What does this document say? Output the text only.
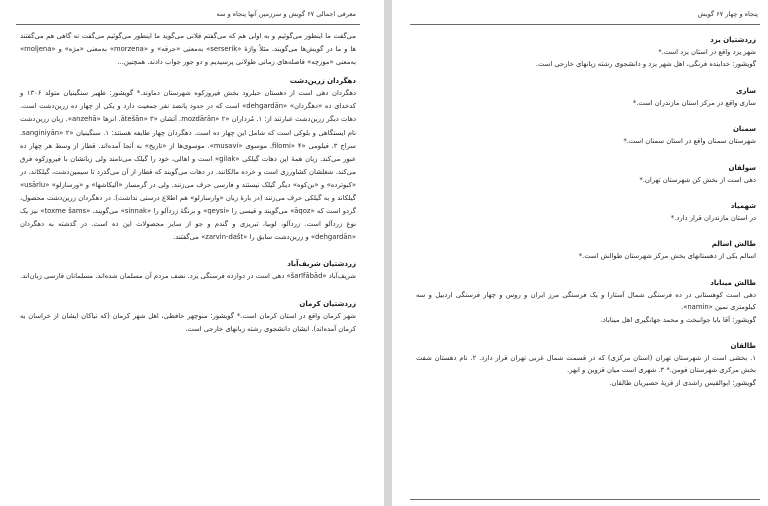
معرفی اجمالی ۶۷ گویش و سرزمین آنها پنجاه و سه

می‌گفت ما اینطور می‌گوئیم و به اولی هم که می‌گفتم فلانی می‌گوید ما اینطور می‌گوئیم می‌گفت نه گاهی هم می‌گفتند ها و ما در گویش‌ها می‌گویند. مثلاً واژهٔ «serserik» به‌معنی «جرقه» و «morzena» به‌معنی «مژه» و «moljena» به‌معنی «مورچه» فاصله‌های زمانی طولانی پرسیدیم و دو جور جواب دادند. همچنین...

دهگردان زرین‌دشت

دهگردان دهی است از دهستان حبلرود بخش فیروزکوه شهرستان دماوند.* گویشور: ظهیر سنگینیان متولد ۱۳۰۶ و کدخدای ده «دهگردان» «dehgardān» است که در حدود پانصد نفر جمعیت دارد و یکی از چهار ده زرین‌دشت است. دهات دیگر زرین‌دشت عبارتند از: ۱. مُزداران «mozdārān» ۲. آتشان «ātešān» ۳. انزها «anzehā». زبان زرین‌دشت نام ایستگاهی و بلوکی است که شامل این چهار ده است. دهگردان چهار طایفه هستند: ۱. سنگینیان «sanginiyān» ۲. سراج ۳. فیلومی «filomi» ۴. موسوی «musavi». موسوی‌ها از «تاریخ» به آنجا آمده‌اند. قطار از وسط هر چهار ده عبور می‌کند. زبان همهٔ این دهات گیلکی «gilak» است و اهالی، خود را گیلک می‌نامند ولی زبانشان با فیروزکوه فرق می‌کند. شغلشان کشاورزی است و خرده مالکانند. در دهات می‌گویند که قطار از آن می‌گذرد تا سیمین‌دشت، گیلکاند. در «کبوترده» و «بن‌کوه» دیگر گیلک نیستند و فارسی حرف می‌زنند. ولی در گرمسار «آلیکاشها» و «ورسارلو» «usārlu» گیلکاند و به گیلکی حرف می‌زنند (در بارهٔ زبان «وارسارلو» هم اطلاع درستی نداشت). در دهگردان زرین‌دشت محصول، گردو است که «āqoz» می‌گویند و قیسی را «qeysi» و برنگهٔ زردآلو را «sinnak» می‌گویند، «toxme šams» نیز یک نوع زردآلو است. زردآلو، لوبیا، تبریزی و گندم و جو از سایر محصولات این ده است. در گذشته به دهگردان «dehgardān» و زرین‌دشت سابق را «zarvin-dašt» می‌گفتند.

زردشتیان شریف‌آباد

شریف‌آباد «šarīfābād» دهی است در دوازده فرسنگی یزد. نصف مردم آن مسلمان شده‌اند. مسلمانان فارسی زبان‌اند.

زردشتیان کرمان

شهر کرمان واقع در استان کرمان است.* گویشور: منوچهر حافظی، اهل شهر کرمان (که نیاکان ایشان از خراسان به کرمان آمده‌اند). ایشان دانشجوی رشته زبانهای خارجی است.

پنجاه و چهار ۶۷ گویش

زردشتیان یزد

شهر یزد واقع در استان یزد است.*

گویشور: خداینده فرنگی، اهل شهر یزد و دانشجوی رشته زبانهای خارجی است.

ساری

ساری واقع در مرکز استان مازندران است.*

سمنان

شهرستان سمنان واقع در استان سمنان است.*

سولقان

دهی است از بخش کن شهرستان تهران.*

شهمیاد

در استان مازندران قرار دارد.*

طالش اسالم

اسالم یکی از دهستانهای بخش مرکز شهرستان طوالش است.*

طالش میناباد

دهی است کوهستانی در ده فرسنگی شمال آستارا و یک فرسنگی مرز ایران و روس و چهار فرسنگی اردبیل و سه کیلومتری نمین «namin».

گویشور: آقا بابا جوانبخت و محمد جهانگیری اهل میناباد.

طالقان

۱. بخشی است از شهرستان تهران (استان مرکزی) که در قسمت شمال غربی تهران قرار دارد. ۲. نام دهستان شفت بخش مرکزی شهرستان فومن.* ۳. شهری است میان قزوین و ابهر.

گویشور: ابوالقیس راشدی از قریهٔ حصیریان طالقان.
